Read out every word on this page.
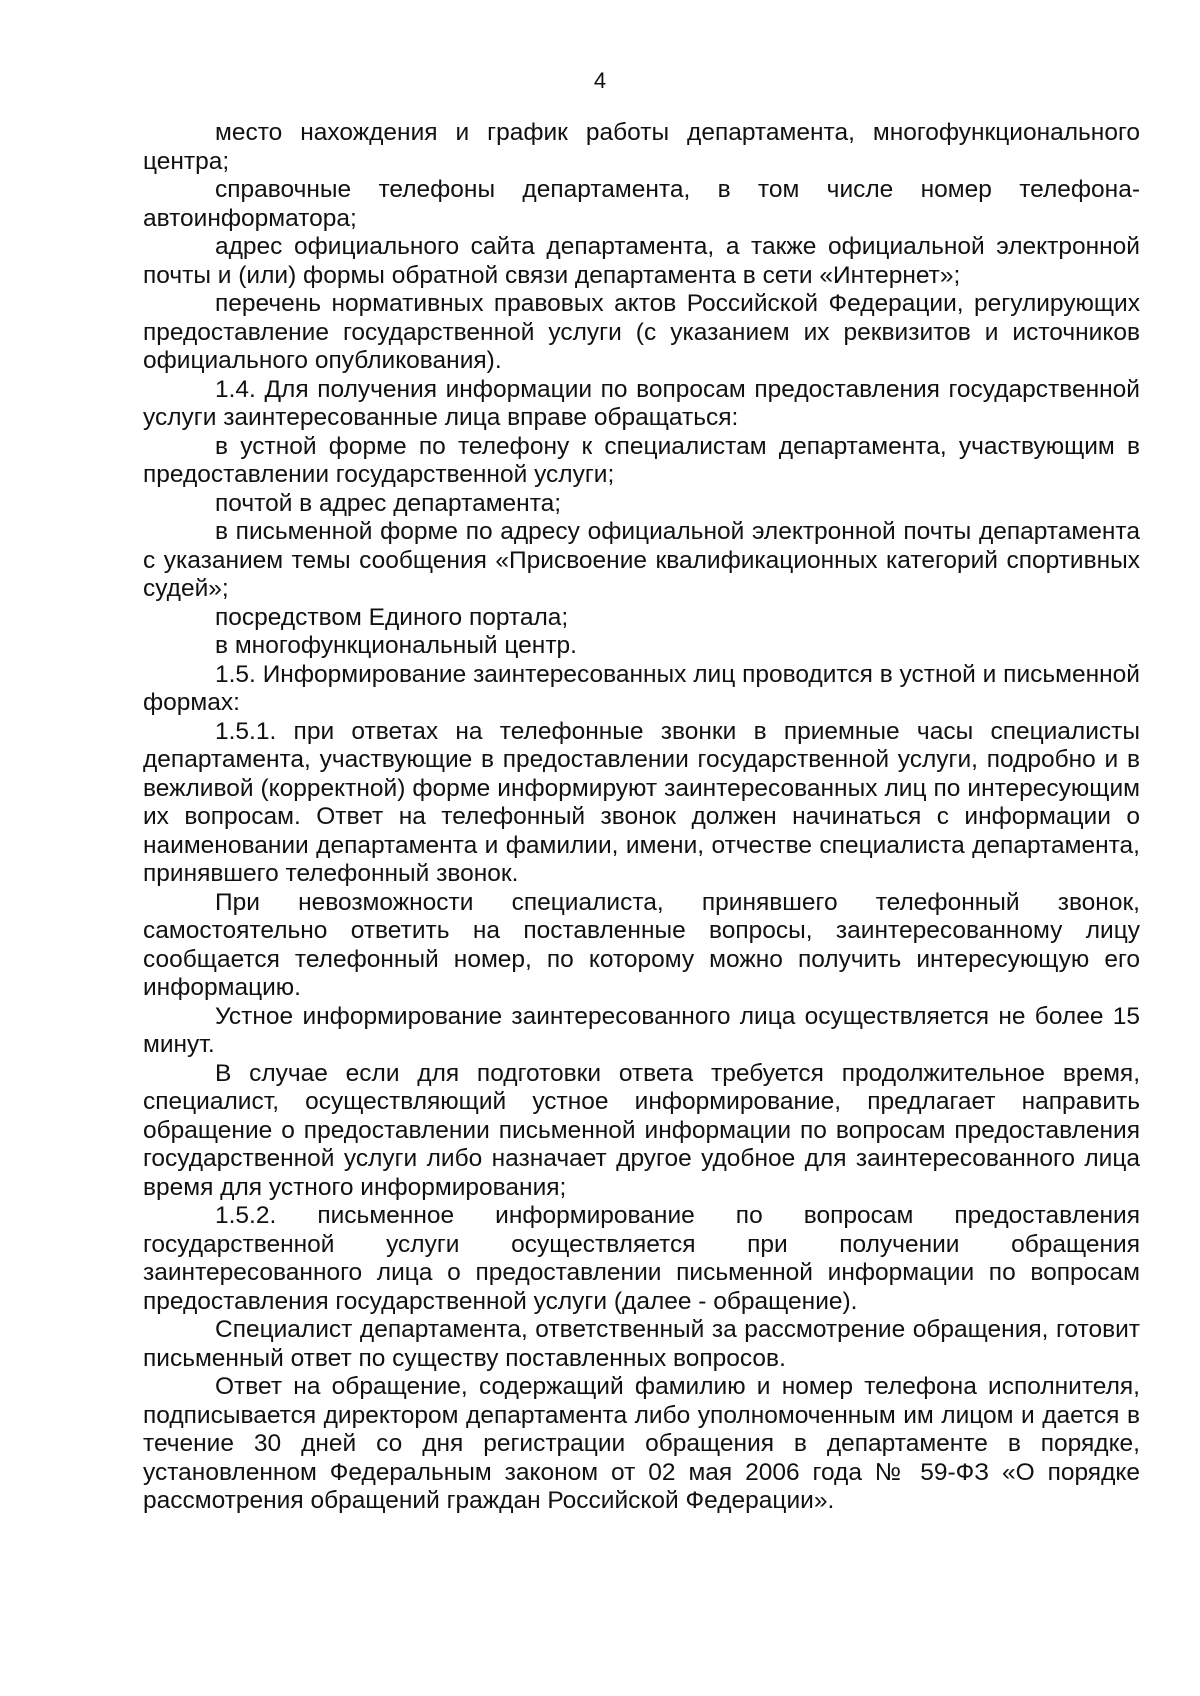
4

место нахождения и график работы департамента, многофункционального центра;

справочные телефоны департамента, в том числе номер телефона-автоинформатора;

адрес официального сайта департамента, а также официальной электронной почты и (или) формы обратной связи департамента в сети «Интернет»;

перечень нормативных правовых актов Российской Федерации, регулирующих предоставление государственной услуги (с указанием их реквизитов и источников официального опубликования).

1.4. Для получения информации по вопросам предоставления государственной услуги заинтересованные лица вправе обращаться:

в устной форме по телефону к специалистам департамента, участвующим в предоставлении государственной услуги;

почтой в адрес департамента;

в письменной форме по адресу официальной электронной почты департамента с указанием темы сообщения «Присвоение квалификационных категорий спортивных судей»;

посредством Единого портала;

в многофункциональный центр.

1.5. Информирование заинтересованных лиц проводится в устной и письменной формах:

1.5.1. при ответах на телефонные звонки в приемные часы специалисты департамента, участвующие в предоставлении государственной услуги, подробно и в вежливой (корректной) форме информируют заинтересованных лиц по интересующим их вопросам. Ответ на телефонный звонок должен начинаться с информации о наименовании департамента и фамилии, имени, отчестве специалиста департамента, принявшего телефонный звонок.

При невозможности специалиста, принявшего телефонный звонок, самостоятельно ответить на поставленные вопросы, заинтересованному лицу сообщается телефонный номер, по которому можно получить интересующую его информацию.

Устное информирование заинтересованного лица осуществляется не более 15 минут.

В случае если для подготовки ответа требуется продолжительное время, специалист, осуществляющий устное информирование, предлагает направить обращение о предоставлении письменной информации по вопросам предоставления государственной услуги либо назначает другое удобное для заинтересованного лица время для устного информирования;

1.5.2. письменное информирование по вопросам предоставления государственной услуги осуществляется при получении обращения заинтересованного лица о предоставлении письменной информации по вопросам предоставления государственной услуги (далее - обращение).

Специалист департамента, ответственный за рассмотрение обращения, готовит письменный ответ по существу поставленных вопросов.

Ответ на обращение, содержащий фамилию и номер телефона исполнителя, подписывается директором департамента либо уполномоченным им лицом и дается в течение 30 дней со дня регистрации обращения в департаменте в порядке, установленном Федеральным законом от 02 мая 2006 года № 59-ФЗ «О порядке рассмотрения обращений граждан Российской Федерации».
